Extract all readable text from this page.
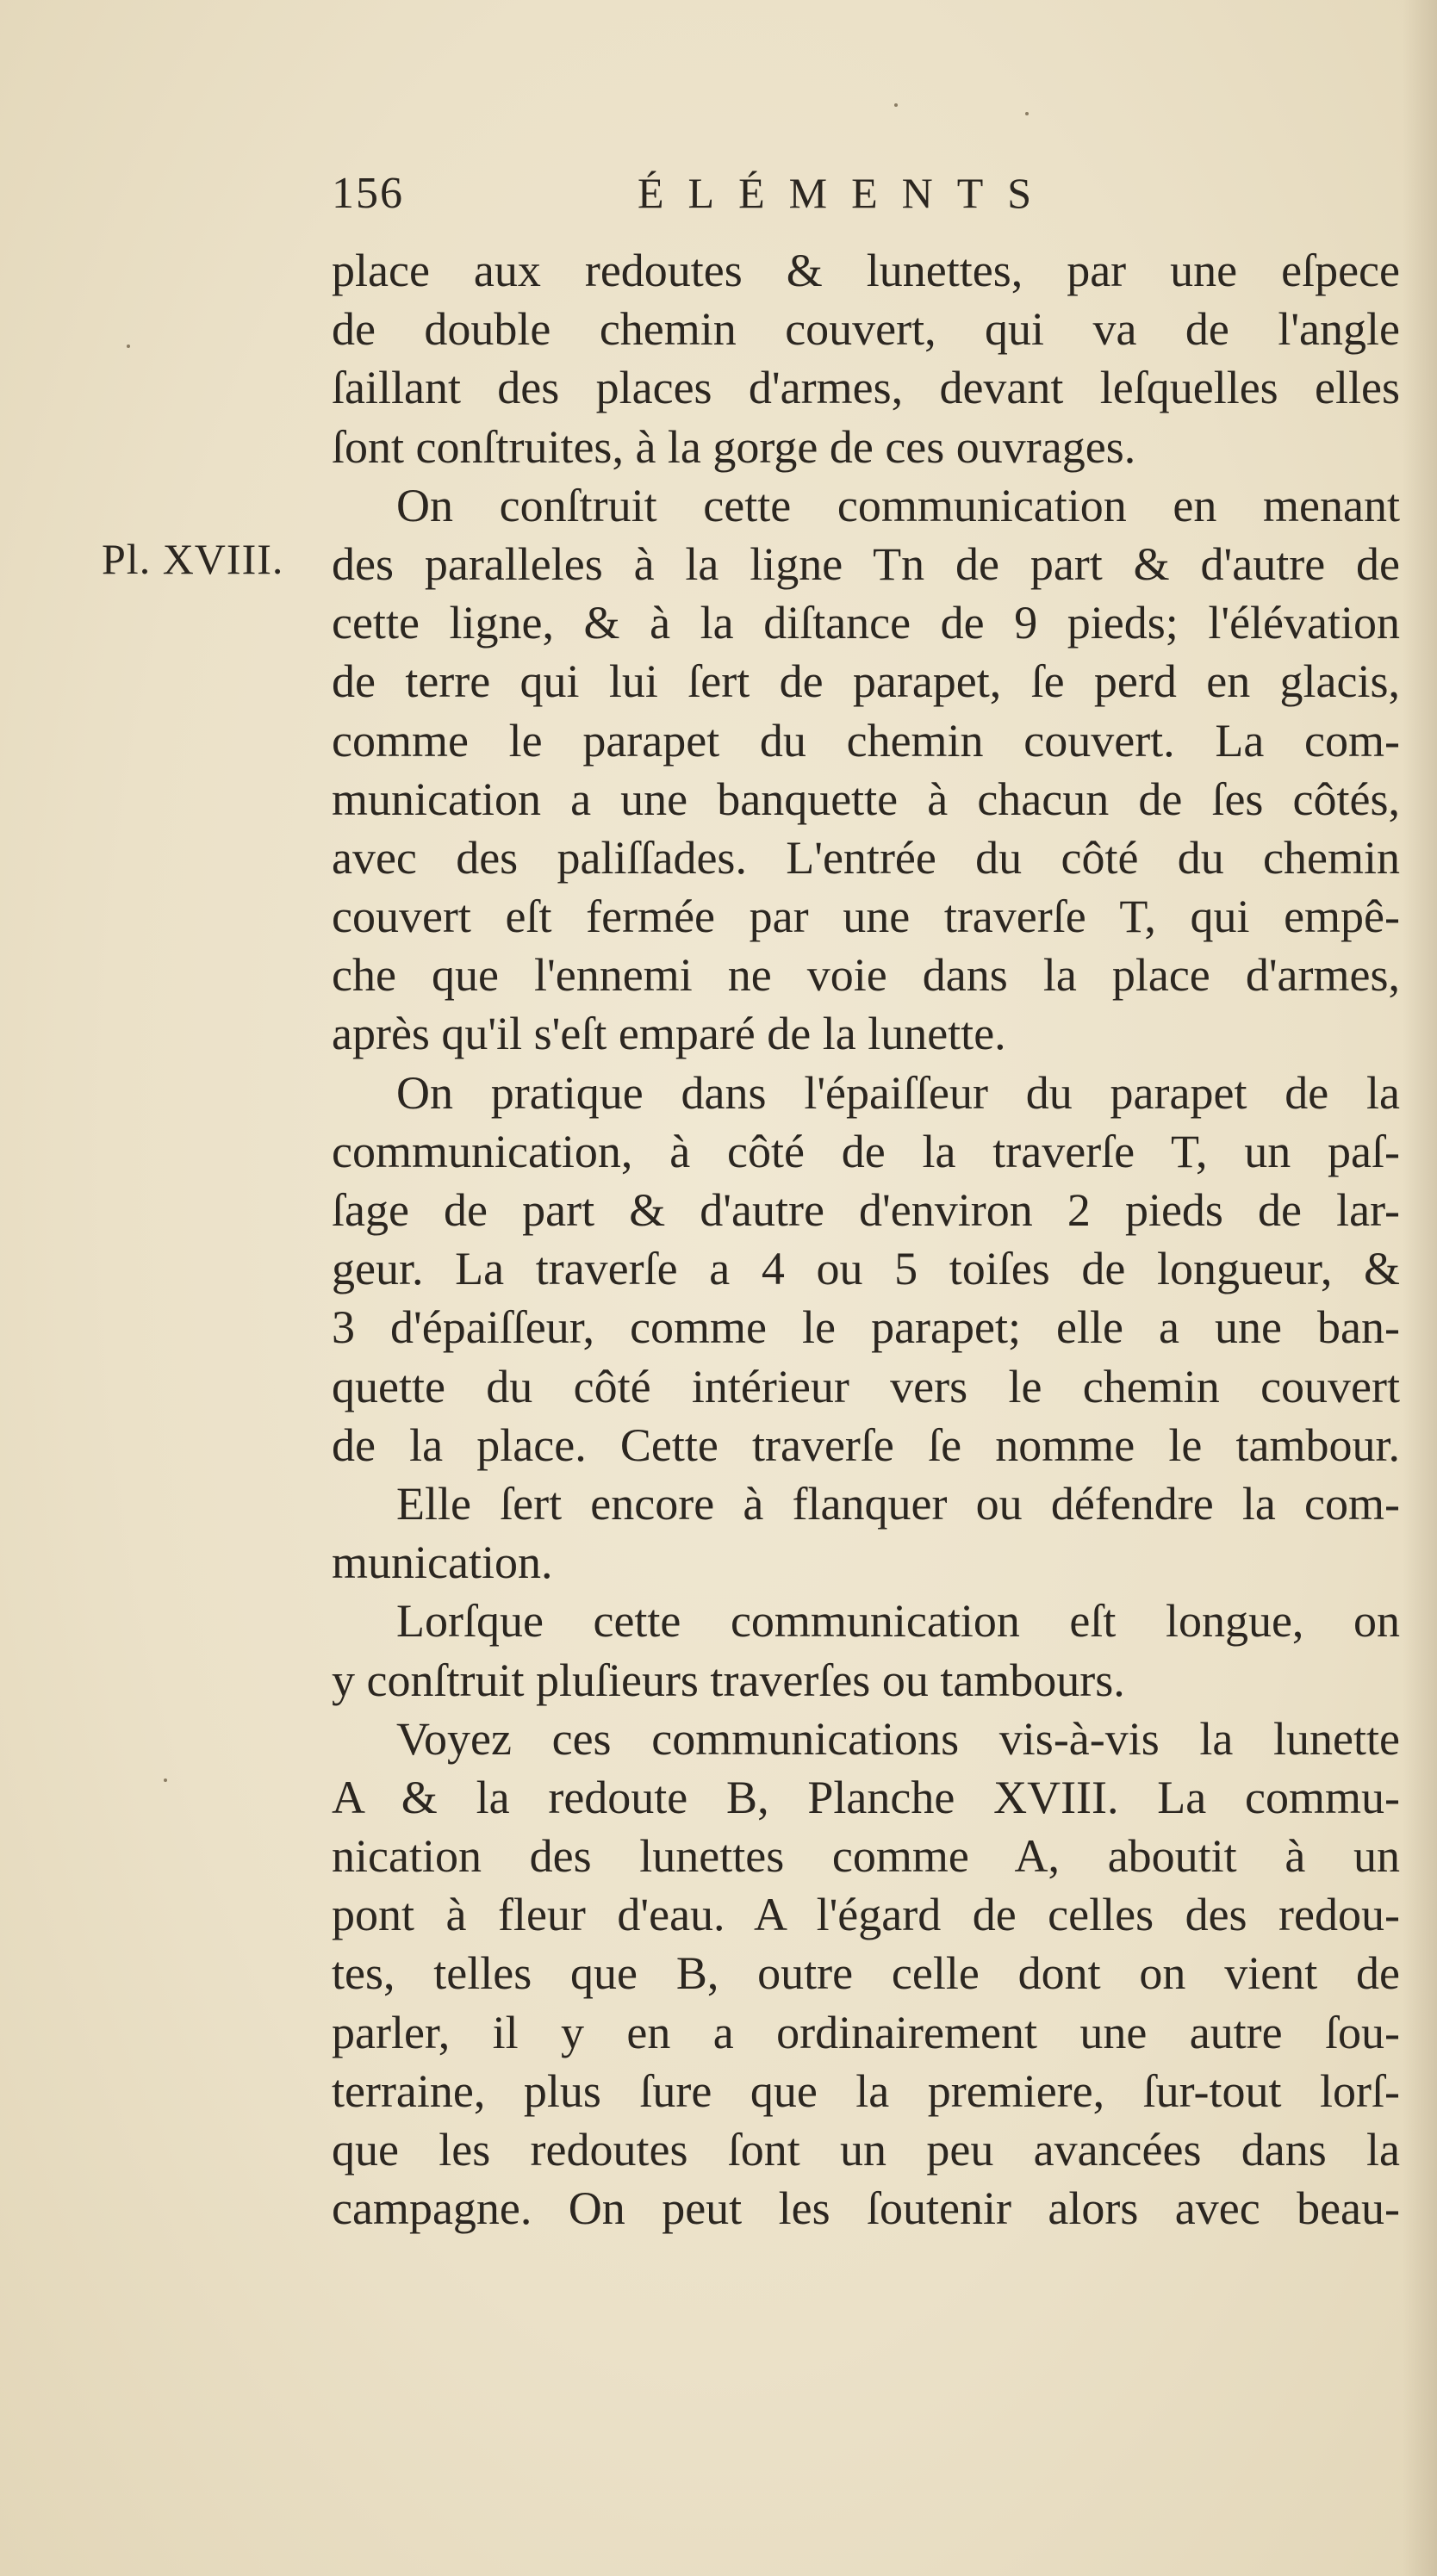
156	ÉLÉMENTS
Pl. XVIII.
place aux redoutes & lunettes, par une eſpece
de double chemin couvert, qui va de l'angle
ſaillant des places d'armes, devant leſquelles elles
ſont conſtruites, à la gorge de ces ouvrages.
On conſtruit cette communication en menant
des paralleles à la ligne Tn de part & d'autre de
cette ligne, & à la diſtance de 9 pieds; l'élévation
de terre qui lui ſert de parapet, ſe perd en glacis,
comme le parapet du chemin couvert. La com-
munication a une banquette à chacun de ſes côtés,
avec des paliſſades. L'entrée du côté du chemin
couvert eſt fermée par une traverſe T, qui empê-
che que l'ennemi ne voie dans la place d'armes,
après qu'il s'eſt emparé de la lunette.
On pratique dans l'épaiſſeur du parapet de la
communication, à côté de la traverſe T, un paſ-
ſage de part & d'autre d'environ 2 pieds de lar-
geur. La traverſe a 4 ou 5 toiſes de longueur, &
3 d'épaiſſeur, comme le parapet; elle a une ban-
quette du côté intérieur vers le chemin couvert
de la place. Cette traverſe ſe nomme le tambour.
Elle ſert encore à flanquer ou défendre la com-
munication.
Lorſque cette communication eſt longue, on
y conſtruit pluſieurs traverſes ou tambours.
Voyez ces communications vis-à-vis la lunette
A & la redoute B, Planche XVIII. La commu-
nication des lunettes comme A, aboutit à un
pont à fleur d'eau. A l'égard de celles des redou-
tes, telles que B, outre celle dont on vient de
parler, il y en a ordinairement une autre ſou-
terraine, plus ſure que la premiere, ſur-tout lorſ-
que les redoutes ſont un peu avancées dans la
campagne. On peut les ſoutenir alors avec beau-
